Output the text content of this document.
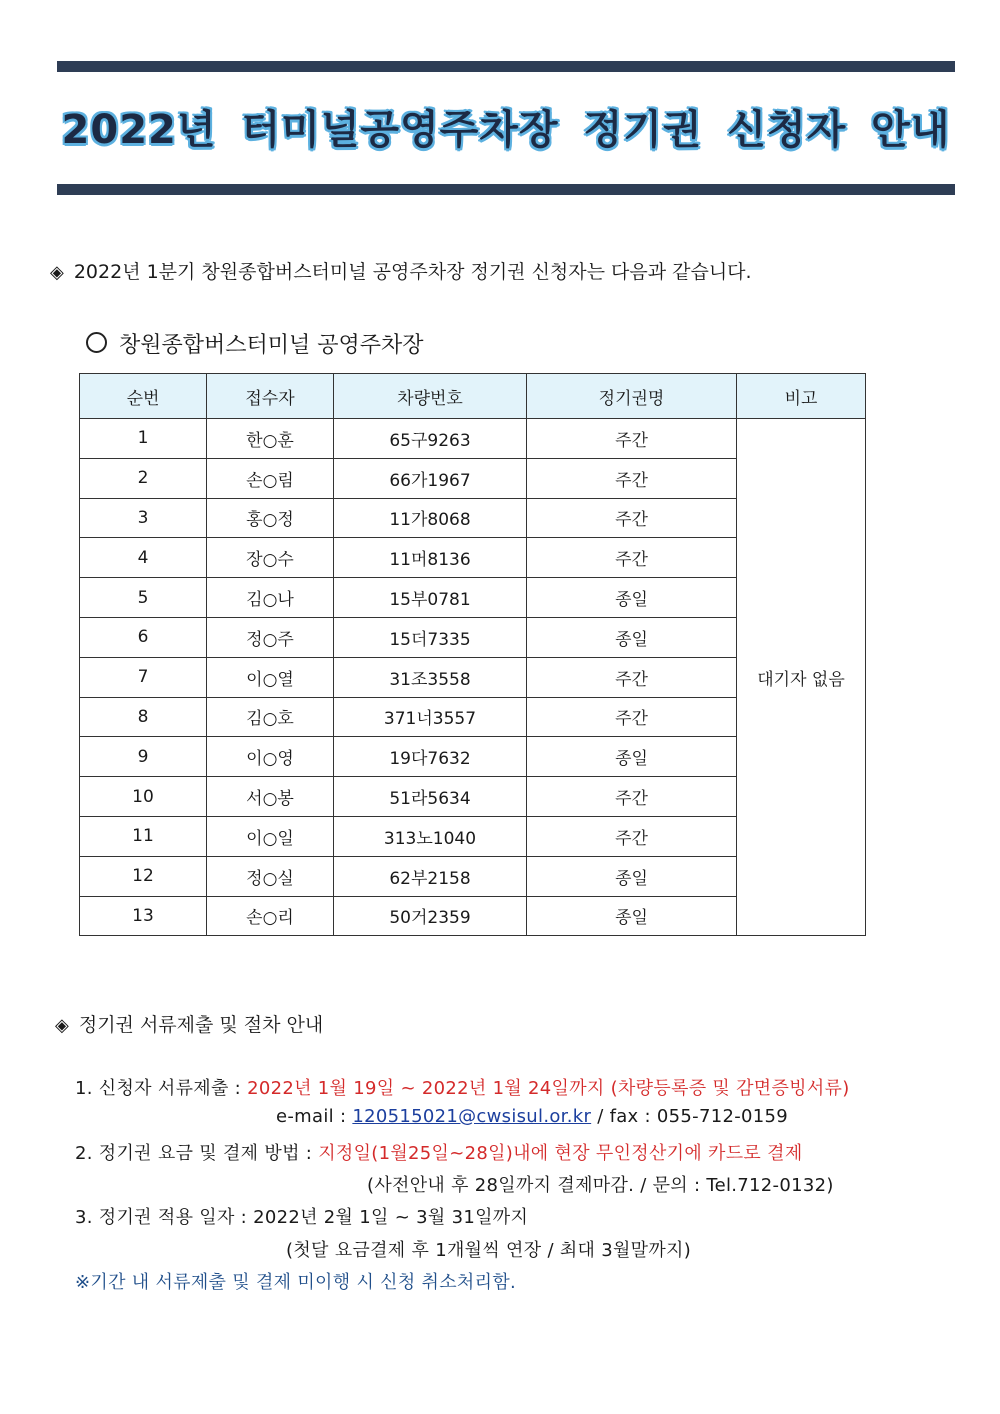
2022년 터미널공영주차장 정기권 신청자 안내
◈ 2022년 1분기 창원종합버스터미널 공영주차장 정기권 신청자는 다음과 같습니다.
창원종합버스터미널 공영주차장
순번	접수자	차량번호	정기권명	비고
1	한○훈	65구9263	주간	대기자 없음
2	손○림	66가1967	주간	
3	홍○정	11가8068	주간	
4	장○수	11머8136	주간	
5	김○나	15부0781	종일	
6	정○주	15더7335	종일	
7	이○열	31조3558	주간	
8	김○호	371너3557	주간	
9	이○영	19다7632	종일	
10	서○봉	51라5634	주간	
11	이○일	313노1040	주간	
12	정○실	62부2158	종일	
13	손○리	50거2359	종일	
◈ 정기권 서류제출 및 절차 안내
1. 신청자 서류제출 : 2022년 1월 19일 ~ 2022년 1월 24일까지 (차량등록증 및 감면증빙서류)
e-mail : 120515021@cwsisul.or.kr / fax : 055-712-0159
2. 정기권 요금 및 결제 방법 : 지정일(1월25일~28일)내에 현장 무인정산기에 카드로 결제
(사전안내 후 28일까지 결제마감. / 문의 : Tel.712-0132)
3. 정기권 적용 일자 : 2022년 2월 1일 ~ 3월 31일까지
(첫달 요금결제 후 1개월씩 연장 / 최대 3월말까지)
※기간 내 서류제출 및 결제 미이행 시 신청 취소처리함.
